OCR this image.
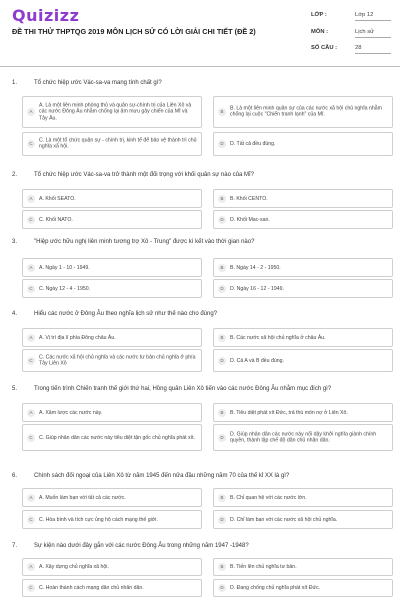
Quizizz
ĐỀ THI THỬ THPTQG 2019 MÔN LỊCH SỬ CÓ LỜI GIẢI CHI TIẾT (ĐỀ 2)
LỚP :	Lớp 12
MÔN :	Lịch sử
SỐ CÂU :	28
1.	Tổ chức hiệp ước Vác-sa-va mang tính chất gì?
A
A. Là một liên minh phòng thủ và quân sự-chính trị của Liên Xô và các nước Đông Âu nhằm chống lại âm mưu gây chiến của Mĩ và Tây Âu.
B	B. Là một liên minh quân sự của các nước xã hội chủ nghĩa nhằm chống lại cuộc "Chiến tranh lạnh" của Mĩ.
C	C. Là một tổ chức quân sự - chính trị, kinh tế để bảo vệ thành trì chủ nghĩa xã hội.
D	D. Tất cả đều đúng.
2.	Tổ chức hiệp ước Vác-sa-va trở thành một đối trọng với khối quân sự nào của Mĩ?
A	A. Khối SEATO.	B	B. Khối CENTO.
C	C. Khối NATO.	D	D. Khối Mac-san.
3.	"Hiệp ước hữu nghị liên minh tương trợ Xô - Trung" được kí kết vào thời gian nào?
A	A. Ngày 1 - 10 - 1949.	B	B. Ngày 14 - 2 - 1950.
C	C. Ngày 12 - 4 - 1950.	D	D. Ngày 16 - 12 - 1949.
4.	Hiểu các nước ở Đông Âu theo nghĩa lịch sử như thế nào cho đúng?
A	A. Vị trí địa lí phía Đông châu Âu.	B	B. Các nước xã hội chủ nghĩa ở châu Âu.
C	C. Các nước xã hội chủ nghĩa và các nước tư bản chủ nghĩa ở phía Tây Liên Xô
D	D. Cả A và B đều đúng.
5.	Trong tiến trình Chiến tranh thế giới thứ hai, Hồng quân Liên Xô tiến vào các nước Đông Âu nhằm mục đích gì?
A	A. Xâm lược các nước này.	B	B. Tiêu diệt phát xít Đức, trả thù món nợ ở Liên Xô.
C	C. Giúp nhân dân các nước này tiêu diệt tận gốc chủ nghĩa phát xít.	D	D. Giúp nhân dân các nước này nổi dậy khởi nghĩa giành chính quyền, thành lập chế độ dân chủ nhân dân.
6.	Chính sách đối ngoại của Liên Xô từ năm 1945 đến nửa đầu những năm 70 của thế kỉ XX là gì?
A	A. Muốn làm bạn với tất cả các nước.	B	B. Chỉ quan hệ với các nước lớn.
C	C. Hòa bình và tích cực ủng hộ cách mạng thế giới.	D	D. Chỉ làm bạn với các nước xã hội chủ nghĩa.
7.	Sự kiện nào dưới đây gắn với các nước Đông Âu trong những năm 1947 -1948?
A	A. Xây dựng chủ nghĩa xã hội.	B	B. Tiến lên chủ nghĩa tư bản.
C	C. Hoàn thành cách mạng dân chủ nhân dân.	D	D. Đang chống chủ nghĩa phát xít Đức.
